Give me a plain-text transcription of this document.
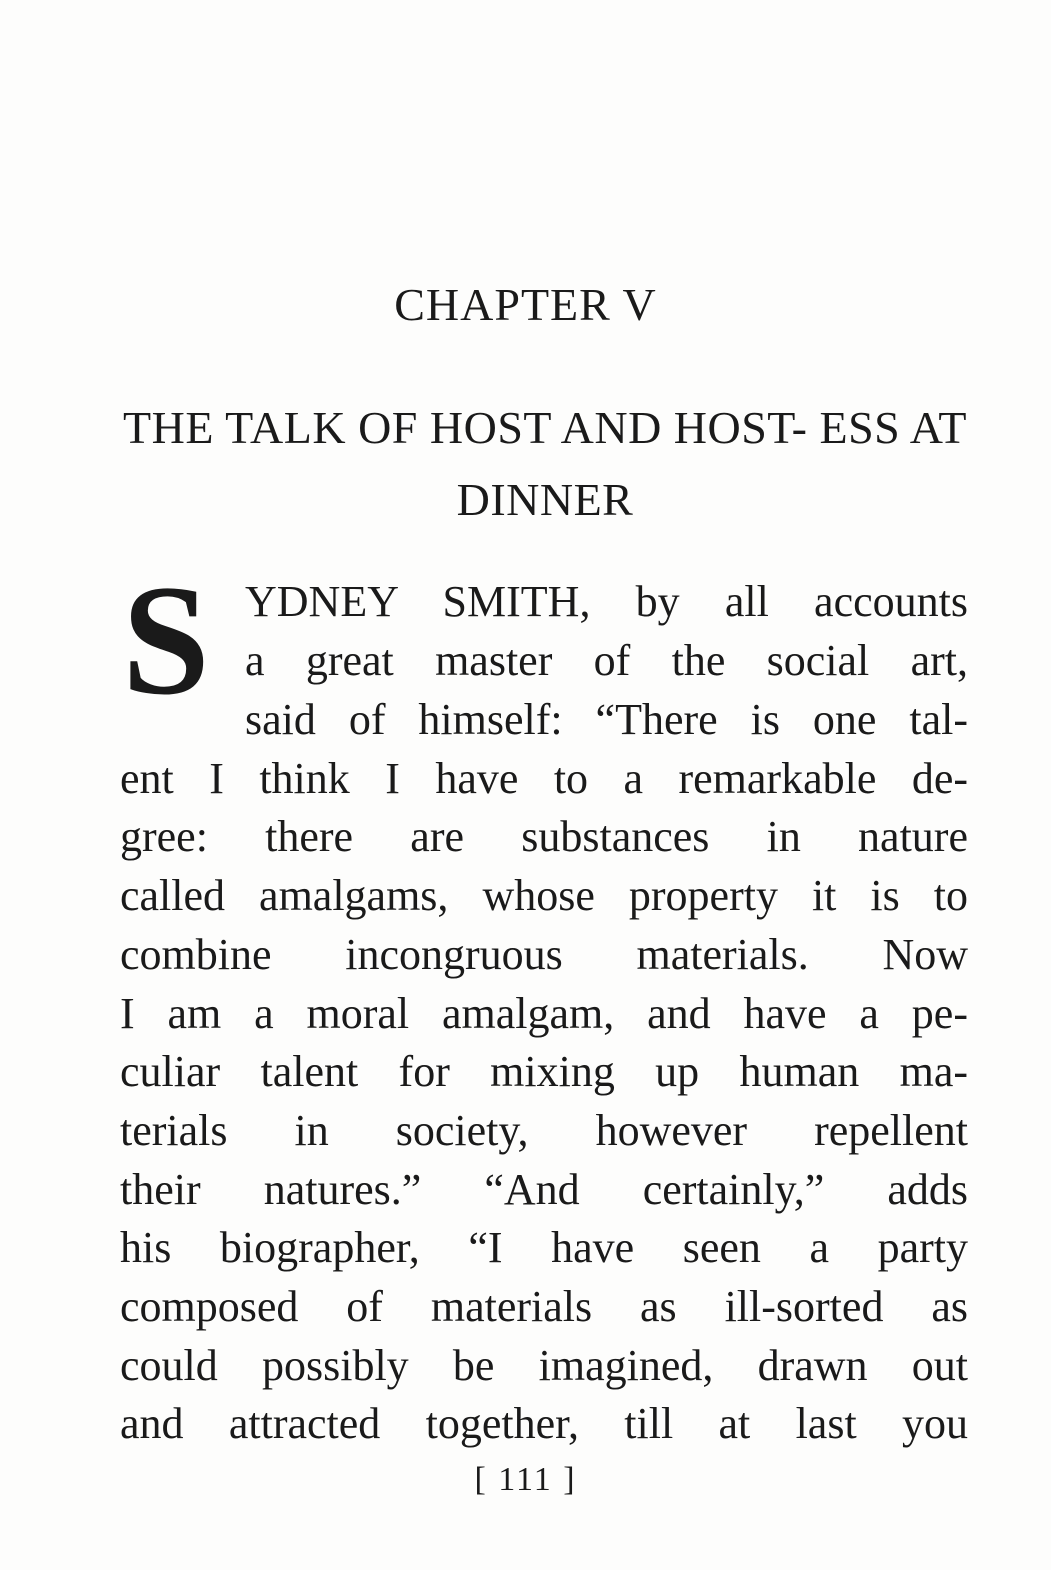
CHAPTER V
THE TALK OF HOST AND HOST- ESS AT DINNER
S YDNEY SMITH, by all accounts

a great master of the social art,

said of himself: “There is one tal-

ent I think I have to a remarkable de-

gree: there are substances in nature

called amalgams, whose property it is to

combine incongruous materials. Now

I am a moral amalgam, and have a pe-

culiar talent for mixing up human ma-

terials in society, however repellent

their natures.” “And certainly,” adds

his biographer, “I have seen a party

composed of materials as ill-sorted as

could possibly be imagined, drawn out

and attracted together, till at last you

[ 111 ]
